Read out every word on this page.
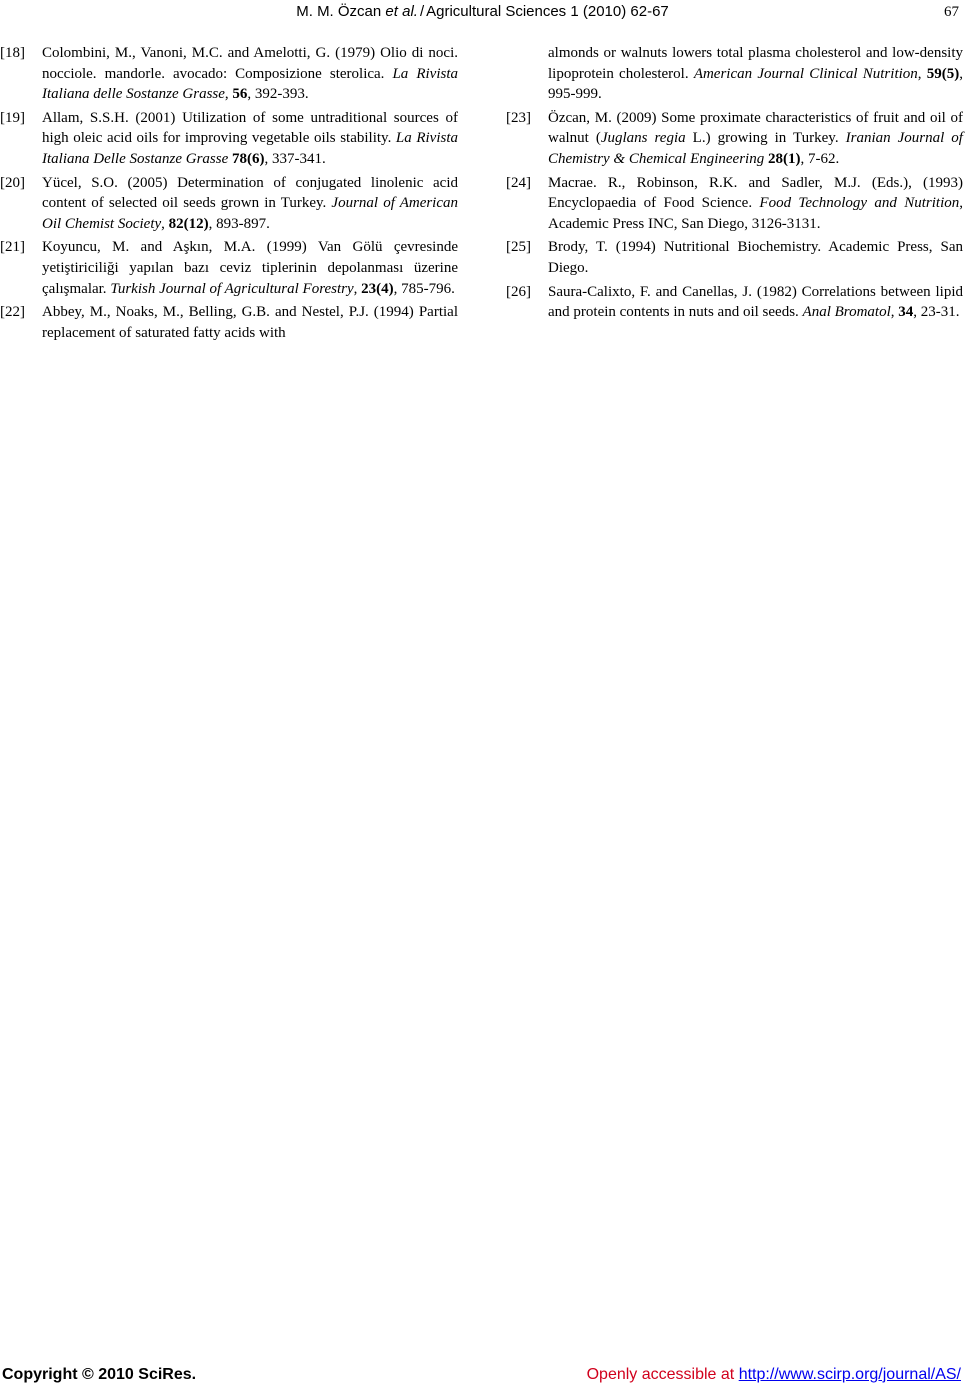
M. M. Özcan et al. / Agricultural Sciences 1 (2010) 62-67	67
[18] Colombini, M., Vanoni, M.C. and Amelotti, G. (1979) Olio di noci. nocciole. mandorle. avocado: Composizione sterolica. La Rivista Italiana delle Sostanze Grasse, 56, 392-393.
[19] Allam, S.S.H. (2001) Utilization of some untraditional sources of high oleic acid oils for improving vegetable oils stability. La Rivista Italiana Delle Sostanze Grasse 78(6), 337-341.
[20] Yücel, S.O. (2005) Determination of conjugated linolenic acid content of selected oil seeds grown in Turkey. Journal of American Oil Chemist Society, 82(12), 893-897.
[21] Koyuncu, M. and Aşkın, M.A. (1999) Van Gölü çevresinde yetiştiriciliği yapılan bazı ceviz tiplerinin depolanması üzerine çalışmalar. Turkish Journal of Agricultural Forestry, 23(4), 785-796.
[22] Abbey, M., Noaks, M., Belling, G.B. and Nestel, P.J. (1994) Partial replacement of saturated fatty acids with
almonds or walnuts lowers total plasma cholesterol and low-density lipoprotein cholesterol. American Journal Clinical Nutrition, 59(5), 995-999.
[23] Özcan, M. (2009) Some proximate characteristics of fruit and oil of walnut (Juglans regia L.) growing in Turkey. Iranian Journal of Chemistry & Chemical Engineering 28(1), 7-62.
[24] Macrae. R., Robinson, R.K. and Sadler, M.J. (Eds.), (1993) Encyclopaedia of Food Science. Food Technology and Nutrition, Academic Press INC, San Diego, 3126-3131.
[25] Brody, T. (1994) Nutritional Biochemistry. Academic Press, San Diego.
[26] Saura-Calixto, F. and Canellas, J. (1982) Correlations between lipid and protein contents in nuts and oil seeds. Anal Bromatol, 34, 23-31.
Copyright © 2010 SciRes.	Openly accessible at http://www.scirp.org/journal/AS/
